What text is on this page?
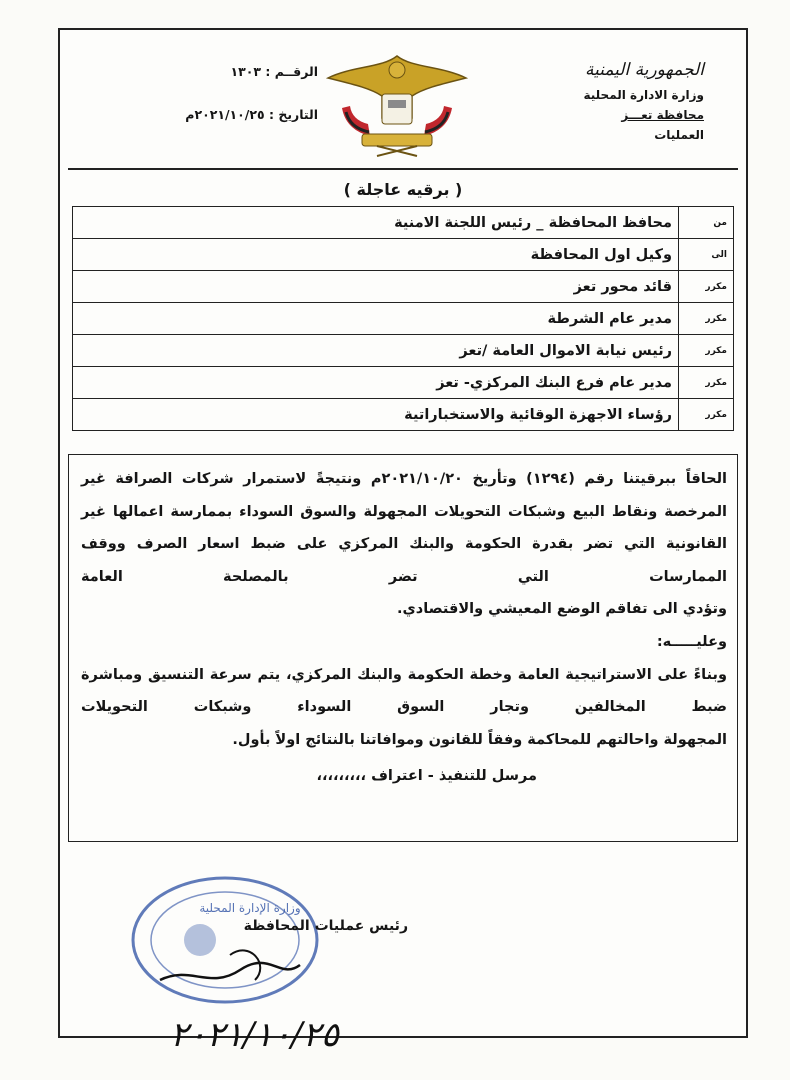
الجمهورية اليمنية
وزارة الادارة المحلية
محافظة تعـــز
العمليات
الرقــم : ١٣٠٣
التاريخ : ٢٠٢١/١٠/٢٥م
( برقيه عاجلة )
من	محافظ المحافظة _ رئيس اللجنة الامنية
الى	وكيل اول المحافظة
مكرر	قائد محور تعز
مكرر	مدير عام الشرطة
مكرر	رئيس نيابة الاموال العامة /تعز
مكرر	مدير عام فرع البنك المركزي- تعز
مكرر	رؤساء الاجهزة الوقائية والاستخباراتية

الحاقاً ببرقيتنا رقم (١٢٩٤) وتأريخ ٢٠٢١/١٠/٢٠م ونتيجةً لاستمرار شركات الصرافة غير المرخصة ونقاط البيع وشبكات التحويلات المجهولة والسوق السوداء بممارسة اعمالها غير القانونية التي تضر بقدرة الحكومة والبنك المركزي على ضبط اسعار الصرف ووقف الممارسات التي تضر بالمصلحة العامة

وتؤدي الى تفاقم الوضع المعيشي والاقتصادي.

وعليـــــه:

وبناءً على الاستراتيجية العامة وخطة الحكومة والبنك المركزي، يتم سرعة التنسيق ومباشرة ضبط المخالفين وتجار السوق السوداء وشبكات التحويلات

المجهولة واحالتهم للمحاكمة وفقاً للقانون وموافاتنا بالنتائج اولاً بأول.

مرسل للتنفيذ - اعتراف ،،،،،،،،،

وزارة الإدارة المحلية
رئيس عمليات المحافظة
٢٠٢١/١٠/٢٥
